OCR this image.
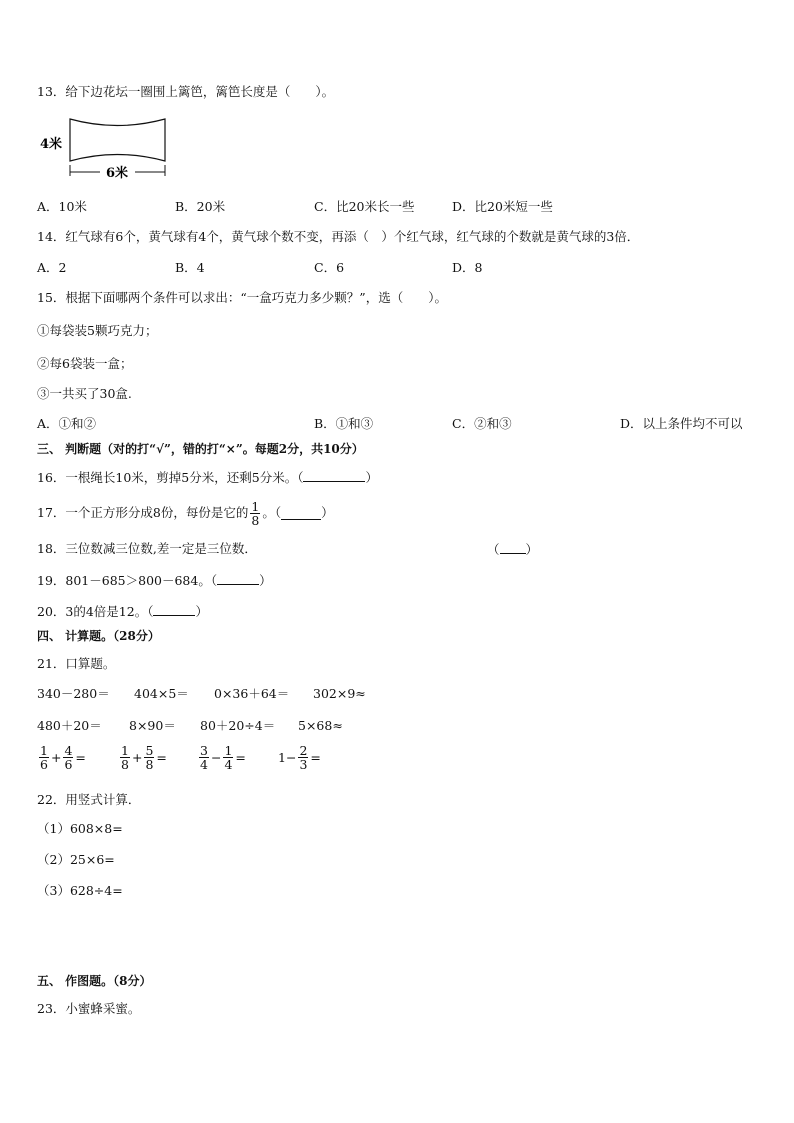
13．给下边花坛一圈围上篱笆，篱笆长度是（　　）。
6米
4米
A．10米	B．20米	C．比20米长一些	D．比20米短一些
14．红气球有6个，黄气球有4个，黄气球个数不变，再添（　）个红气球，红气球的个数就是黄气球的3倍．
A．2	B．4	C．6	D．8
15．根据下面哪两个条件可以求出：“一盒巧克力多少颗？”，选（　　）。
①每袋装5颗巧克力；
②每6袋装一盒；
③一共买了30盒.
A．①和②	B．①和③	C．②和③	D．以上条件均不可以
三、 判断题（对的打“√”，错的打“×”。每题2分，共10分）
16．一根绳长10米，剪掉5分米，还剩5分米。（	）
17．一个正方形分成8份，每份是它的 $\frac{1}{8}$ 。（	）
18．三位数减三位数,差一定是三位数．	（ ）
19．801－685＞800－684。（	）
20．3的4倍是12。（	）
四、 计算题。（28分）
21．口算题。
340－280＝ 404×5＝ 0×36＋64＝ 302×9≈
480＋20＝ 8×90＝ 80＋20÷4＝ 5×68≈
$\frac{1}{6} + \frac{4}{6}$ =	$\frac{1}{8} + \frac{5}{8}$ =	$\frac{3}{4} - \frac{1}{4}$ =	$1- \frac{2}{3}$ =
22．用竖式计算．
（1）608×8=
（2）25×6=
（3）628÷4=
五、 作图题。（8分）
23．小蜜蜂采蜜。
